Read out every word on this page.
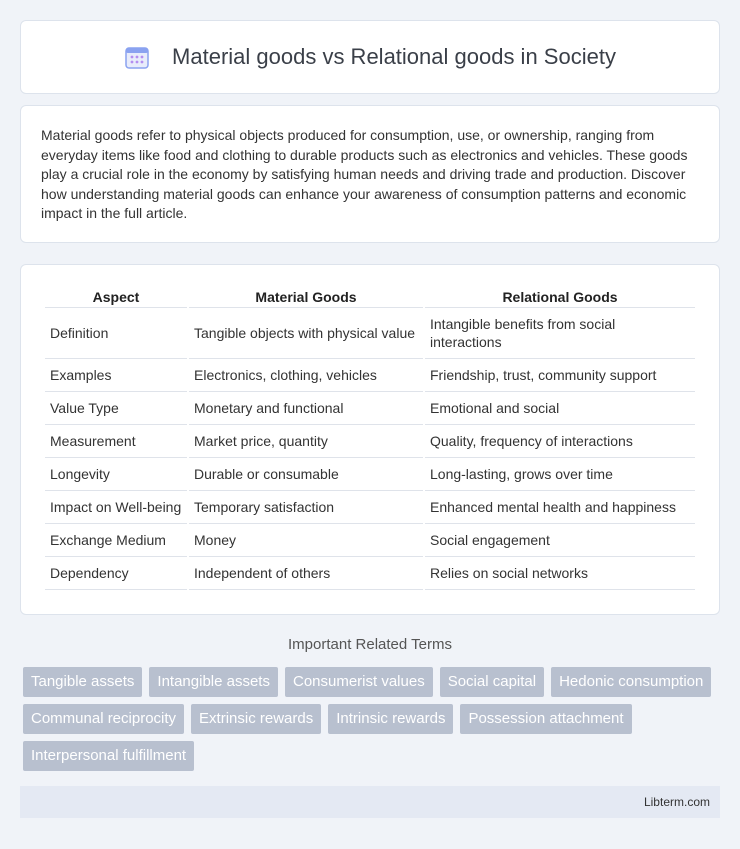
Material goods vs Relational goods in Society

Material goods refer to physical objects produced for consumption, use, or ownership, ranging from everyday items like food and clothing to durable products such as electronics and vehicles. These goods play a crucial role in the economy by satisfying human needs and driving trade and production. Discover how understanding material goods can enhance your awareness of consumption patterns and economic impact in the full article.

Aspect	Material Goods	Relational Goods
Definition	Tangible objects with physical value	Intangible benefits from social interactions
Examples	Electronics, clothing, vehicles	Friendship, trust, community support
Value Type	Monetary and functional	Emotional and social
Measurement	Market price, quantity	Quality, frequency of interactions
Longevity	Durable or consumable	Long-lasting, grows over time
Impact on Well-being	Temporary satisfaction	Enhanced mental health and happiness
Exchange Medium	Money	Social engagement
Dependency	Independent of others	Relies on social networks
Important Related Terms
Tangible assets	Intangible assets	Consumerist values	Social capital	Hedonic consumption
Communal reciprocity	Extrinsic rewards	Intrinsic rewards	Possession attachment
Interpersonal fulfillment
Libterm.com
